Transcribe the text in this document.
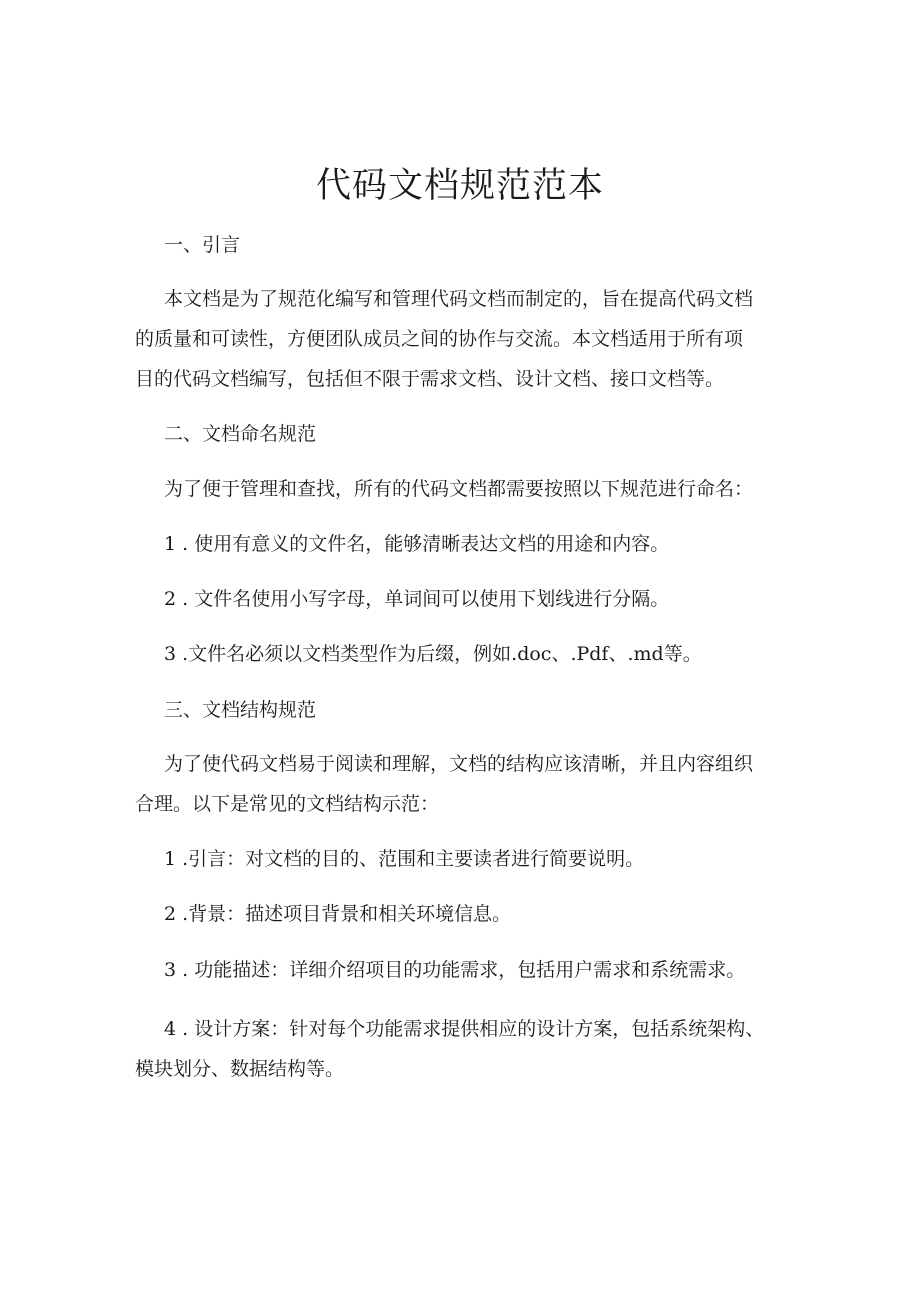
代码文档规范范本
一、引言
本文档是为了规范化编写和管理代码文档而制定的，旨在提高代码文档
的质量和可读性，方便团队成员之间的协作与交流。本文档适用于所有项
目的代码文档编写，包括但不限于需求文档、设计文档、接口文档等。
二、文档命名规范
为了便于管理和查找，所有的代码文档都需要按照以下规范进行命名：
1 . 使用有意义的文件名，能够清晰表达文档的用途和内容。
2 . 文件名使用小写字母，单词间可以使用下划线进行分隔。
3 .文件名必须以文档类型作为后缀，例如.doc、.Pdf、.md等。
三、文档结构规范
为了使代码文档易于阅读和理解，文档的结构应该清晰，并且内容组织
合理。以下是常见的文档结构示范：
1 .引言：对文档的目的、范围和主要读者进行简要说明。
2 .背景：描述项目背景和相关环境信息。
3 . 功能描述：详细介绍项目的功能需求，包括用户需求和系统需求。
4 . 设计方案：针对每个功能需求提供相应的设计方案，包括系统架构、
模块划分、数据结构等。
